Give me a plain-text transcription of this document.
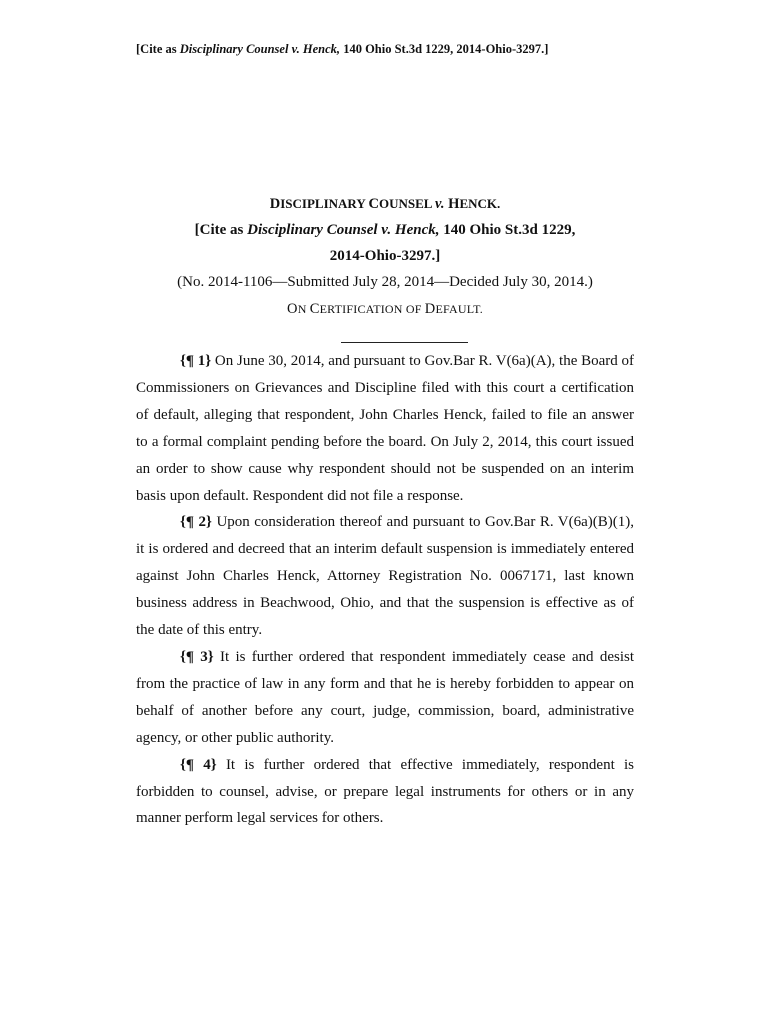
[Cite as Disciplinary Counsel v. Henck, 140 Ohio St.3d 1229, 2014-Ohio-3297.]
DISCIPLINARY COUNSEL v. HENCK.
[Cite as Disciplinary Counsel v. Henck, 140 Ohio St.3d 1229,
2014-Ohio-3297.]
(No. 2014-1106—Submitted July 28, 2014—Decided July 30, 2014.)
ON CERTIFICATION OF DEFAULT.

{¶ 1} On June 30, 2014, and pursuant to Gov.Bar R. V(6a)(A), the Board of Commissioners on Grievances and Discipline filed with this court a certification of default, alleging that respondent, John Charles Henck, failed to file an answer to a formal complaint pending before the board. On July 2, 2014, this court issued an order to show cause why respondent should not be suspended on an interim basis upon default. Respondent did not file a response.

{¶ 2} Upon consideration thereof and pursuant to Gov.Bar R. V(6a)(B)(1), it is ordered and decreed that an interim default suspension is immediately entered against John Charles Henck, Attorney Registration No. 0067171, last known business address in Beachwood, Ohio, and that the suspension is effective as of the date of this entry.

{¶ 3} It is further ordered that respondent immediately cease and desist from the practice of law in any form and that he is hereby forbidden to appear on behalf of another before any court, judge, commission, board, administrative agency, or other public authority.

{¶ 4} It is further ordered that effective immediately, respondent is forbidden to counsel, advise, or prepare legal instruments for others or in any manner perform legal services for others.
